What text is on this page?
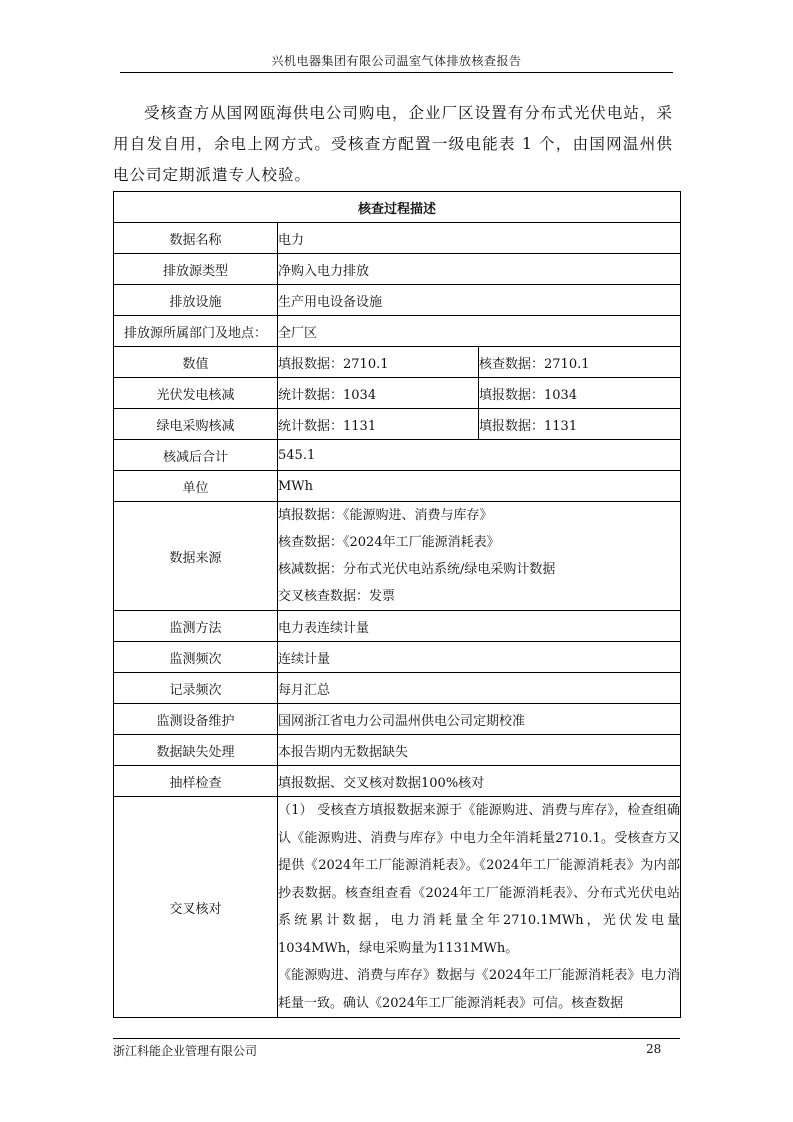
兴机电器集团有限公司温室气体排放核查报告

受核查方从国网瓯海供电公司购电，企业厂区设置有分布式光伏电站，采用自发自用，余电上网方式。受核查方配置一级电能表 1 个，由国网温州供电公司定期派遣专人校验。

核查过程描述		
数据名称	电力	
排放源类型	净购入电力排放	
排放设施	生产用电设备设施	
排放源所属部门及地点：	全厂区	
数值	填报数据：2710.1	核查数据：2710.1
光伏发电核减	统计数据：1034	填报数据：1034
绿电采购核减	统计数据：1131	填报数据：1131
核减后合计	545.1	
单位	MWh	
数据来源	填报数据：《能源购进、消费与库存》
核查数据：《2024年工厂能源消耗表》
核减数据：分布式光伏电站系统/绿电采购计数据
交叉核查数据：发票	

监测方法	电力表连续计量	
监测频次	连续计量	
记录频次	每月汇总	
监测设备维护	国网浙江省电力公司温州供电公司定期校准	
数据缺失处理	本报告期内无数据缺失	
抽样检查	填报数据、交叉核对数据100%核对	
交叉核对	（1） 受核查方填报数据来源于《能源购进、消费与库存》，检查组确认《能源购进、消费与库存》中电力全年消耗量2710.1。受核查方又提供《2024年工厂能源消耗表》。《2024年工厂能源消耗表》为内部抄表数据。核查组查看《2024年工厂能源消耗表》、分布式光伏电站系统累计数据，电力消耗量全年2710.1MWh，光伏发电量1034MWh，绿电采购量为1131MWh。
《能源购进、消费与库存》数据与《2024年工厂能源消耗表》电力消耗量一致。确认《2024年工厂能源消耗表》可信。核查数据	
浙江科能企业管理有限公司	28
